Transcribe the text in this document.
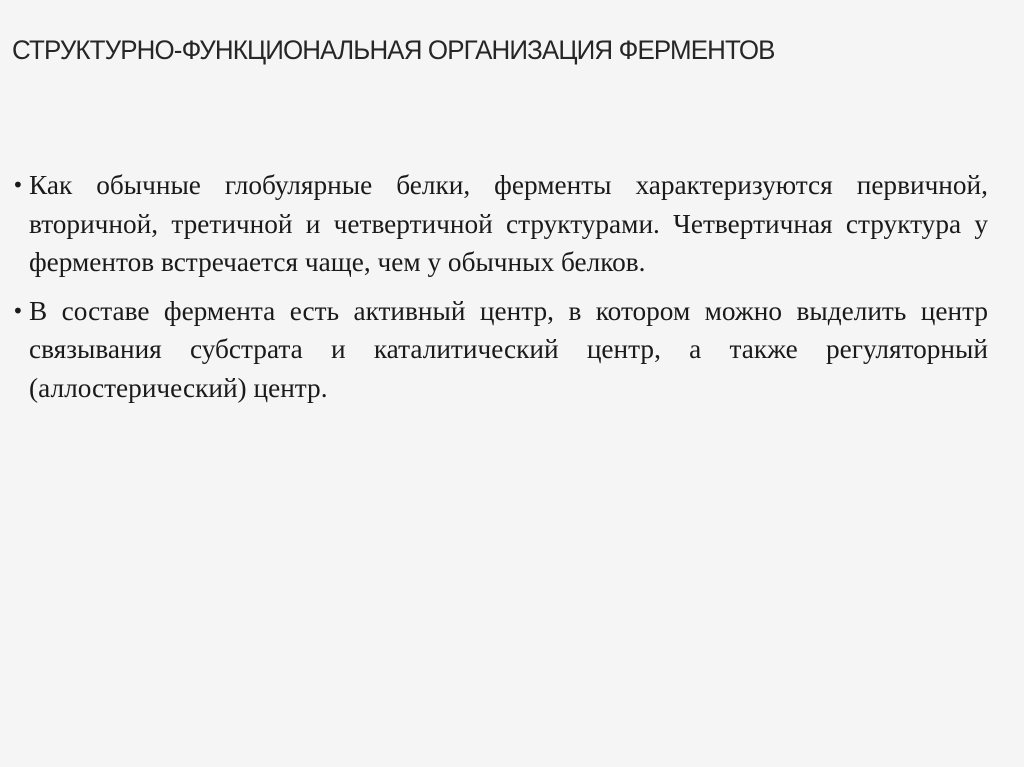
СТРУКТУРНО-ФУНКЦИОНАЛЬНАЯ ОРГАНИЗАЦИЯ ФЕРМЕНТОВ
• Как обычные глобулярные белки, ферменты характеризуются первичной, вторичной, третичной и четвертичной структурами. Четвертичная структура у ферментов встречается чаще, чем у обычных белков.
• В составе фермента есть активный центр, в котором можно выделить центр связывания субстрата и каталитический центр, а также регуляторный (аллостерический) центр.
